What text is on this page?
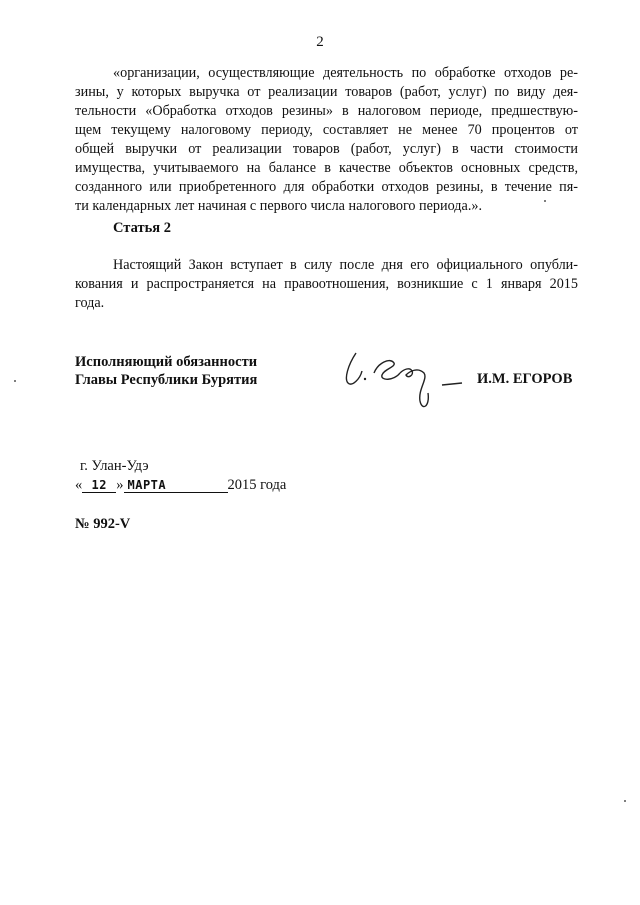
2
«организации, осуществляющие деятельность по обработке отходов ре-
зины, у которых выручка от реализации товаров (работ, услуг) по виду дея-
тельности «Обработка отходов резины» в налоговом периоде, предшествую-
щем текущему налоговому периоду, составляет не менее 70 процентов от
общей выручки от реализации товаров (работ, услуг) в части стоимости
имущества, учитываемого на балансе в качестве объектов основных средств,
созданного или приобретенного для обработки отходов резины, в течение пя-
ти календарных лет начиная с первого числа налогового периода.».
Статья 2
Настоящий Закон вступает в силу после дня его официального опубли-
кования и распространяется на правоотношения, возникшие с 1 января 2015
года.
Исполняющий обязанности
Главы Республики Бурятия	И.М. ЕГОРОВ
г. Улан-Удэ
« 12 » МАРТА	2015 года
№ 992-V
